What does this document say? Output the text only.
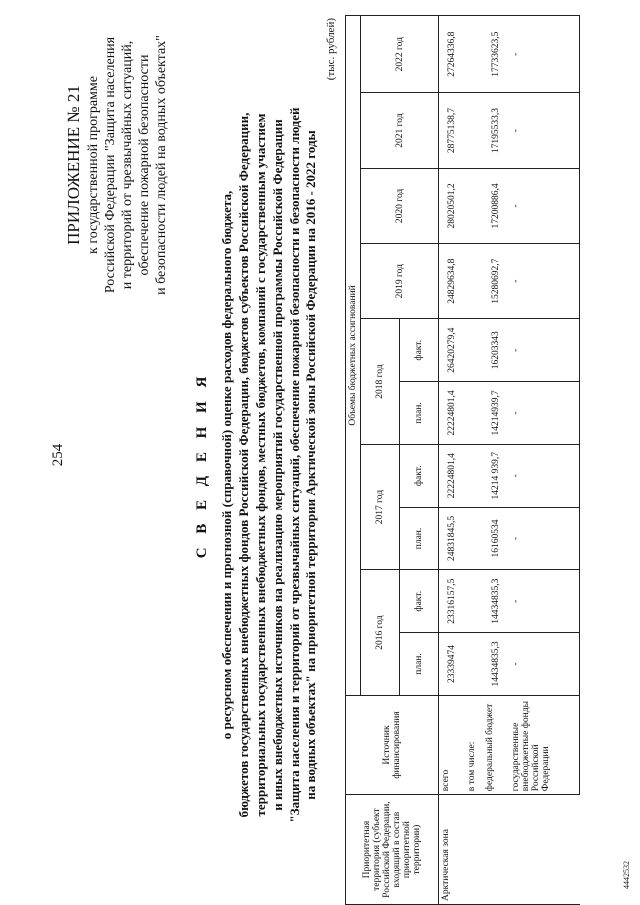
254
ПРИЛОЖЕНИЕ № 21 к государственной программе Российской Федерации "Защита населения и территорий от чрезвычайных ситуаций, обеспечение пожарной безопасности и безопасности людей на водных объектах"
С В Е Д Е Н И Я о ресурсном обеспечении и прогнозной (справочной) оценке расходов федерального бюджета, бюджетов государственных внебюджетных фондов Российской Федерации, бюджетов субъектов Российской Федерации, территориальных государственных внебюджетных фондов, местных бюджетов, компаний с государственным участием и иных внебюджетных источников на реализацию мероприятий государственной программы Российской Федерации "Защита населения и территорий от чрезвычайных ситуаций, обеспечение пожарной безопасности и безопасности людей на водных объектах" на приоритетной территории Арктической зоны Российской Федерации на 2016 - 2022 годы
(тыс. рублей)
Приоритетная территория (субъект Российской Федерации, входящий в состав приоритетной территории)	Источник финансирования	Объемы бюджетных ассигнований									
		2016 год		2017 год		2018 год		2019 год	2020 год	2021 год	2022 год
		план.	факт.	план.	факт.	план.	факт.				
Арктическая зона	всего	23339474	23316157,5	24831845,5	22224801,4	22224801,4	26420279,4	24829634,8	28020501,2	28775138,7	27264336,8
	в том числе:										
	федеральный бюджет	14434835,3	14434835,3	16160534	14214 939,7	14214939,7	16203343	15280692,7	17200886,4	17195533,3	17733623,5
	государственные внебюджетные фонды Российской Федерации	-	-	-	-	-	-	-	-	-	-
4442532
